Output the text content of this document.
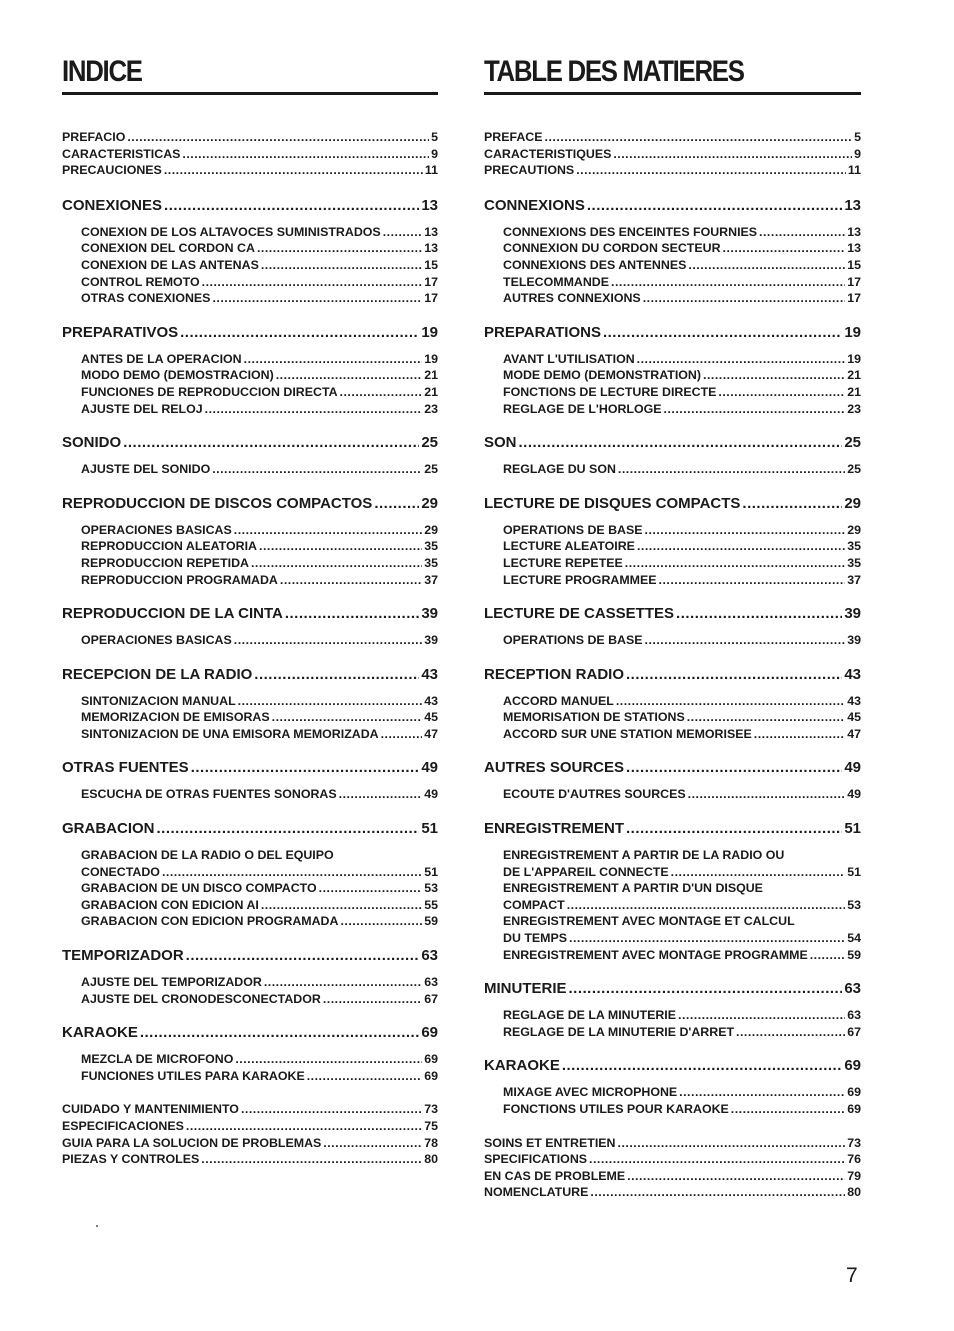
INDICE
PREFACIO .....	5
CARACTERISTICAS .....	9
PRECAUCIONES .....	11
CONEXIONES .....	13
CONEXION DE LOS ALTAVOCES SUMINISTRADOS .....	13
CONEXION DEL CORDON CA .....	13
CONEXION DE LAS ANTENAS .....	15
CONTROL REMOTO .....	17
OTRAS CONEXIONES .....	17
PREPARATIVOS .....	19
ANTES DE LA OPERACION .....	19
MODO DEMO (DEMOSTRACION) .....	21
FUNCIONES DE REPRODUCCION DIRECTA .....	21
AJUSTE DEL RELOJ .....	23
SONIDO .....	25
AJUSTE DEL SONIDO .....	25
REPRODUCCION DE DISCOS COMPACTOS .....	29
OPERACIONES BASICAS .....	29
REPRODUCCION ALEATORIA .....	35
REPRODUCCION REPETIDA .....	35
REPRODUCCION PROGRAMADA .....	37
REPRODUCCION DE LA CINTA .....	39
OPERACIONES BASICAS .....	39
RECEPCION DE LA RADIO .....	43
SINTONIZACION MANUAL .....	43
MEMORIZACION DE EMISORAS .....	45
SINTONIZACION DE UNA EMISORA MEMORIZADA .....	47
OTRAS FUENTES .....	49
ESCUCHA DE OTRAS FUENTES SONORAS .....	49
GRABACION .....	51
GRABACION DE LA RADIO O DEL EQUIPO
CONECTADO .....	51
GRABACION DE UN DISCO COMPACTO .....	53
GRABACION CON EDICION AI .....	55
GRABACION CON EDICION PROGRAMADA .....	59
TEMPORIZADOR .....	63
AJUSTE DEL TEMPORIZADOR .....	63
AJUSTE DEL CRONODESCONECTADOR .....	67
KARAOKE .....	69
MEZCLA DE MICROFONO .....	69
FUNCIONES UTILES PARA KARAOKE .....	69
CUIDADO Y MANTENIMIENTO .....	73
ESPECIFICACIONES .....	75
GUIA PARA LA SOLUCION DE PROBLEMAS .....	78
PIEZAS Y CONTROLES .....	80
TABLE DES MATIERES
PREFACE .....	5
CARACTERISTIQUES .....	9
PRECAUTIONS .....	11
CONNEXIONS .....	13
CONNEXIONS DES ENCEINTES FOURNIES .....	13
CONNEXION DU CORDON SECTEUR .....	13
CONNEXIONS DES ANTENNES .....	15
TELECOMMANDE .....	17
AUTRES CONNEXIONS .....	17
PREPARATIONS .....	19
AVANT L'UTILISATION .....	19
MODE DEMO (DEMONSTRATION) .....	21
FONCTIONS DE LECTURE DIRECTE .....	21
REGLAGE DE L'HORLOGE .....	23
SON .....	25
REGLAGE DU SON .....	25
LECTURE DE DISQUES COMPACTS .....	29
OPERATIONS DE BASE .....	29
LECTURE ALEATOIRE .....	35
LECTURE REPETEE .....	35
LECTURE PROGRAMMEE .....	37
LECTURE DE CASSETTES .....	39
OPERATIONS DE BASE .....	39
RECEPTION RADIO .....	43
ACCORD MANUEL .....	43
MEMORISATION DE STATIONS .....	45
ACCORD SUR UNE STATION MEMORISEE .....	47
AUTRES SOURCES .....	49
ECOUTE D'AUTRES SOURCES .....	49
ENREGISTREMENT .....	51
ENREGISTREMENT A PARTIR DE LA RADIO OU
DE L'APPAREIL CONNECTE .....	51
ENREGISTREMENT A PARTIR D'UN DISQUE
COMPACT .....	53
ENREGISTREMENT AVEC MONTAGE ET CALCUL
DU TEMPS .....	54
ENREGISTREMENT AVEC MONTAGE PROGRAMME .....	59
MINUTERIE .....	63
REGLAGE DE LA MINUTERIE .....	63
REGLAGE DE LA MINUTERIE D'ARRET .....	67
KARAOKE .....	69
MIXAGE AVEC MICROPHONE .....	69
FONCTIONS UTILES POUR KARAOKE .....	69
SOINS ET ENTRETIEN .....	73
SPECIFICATIONS .....	76
EN CAS DE PROBLEME .....	79
NOMENCLATURE .....	80
7
